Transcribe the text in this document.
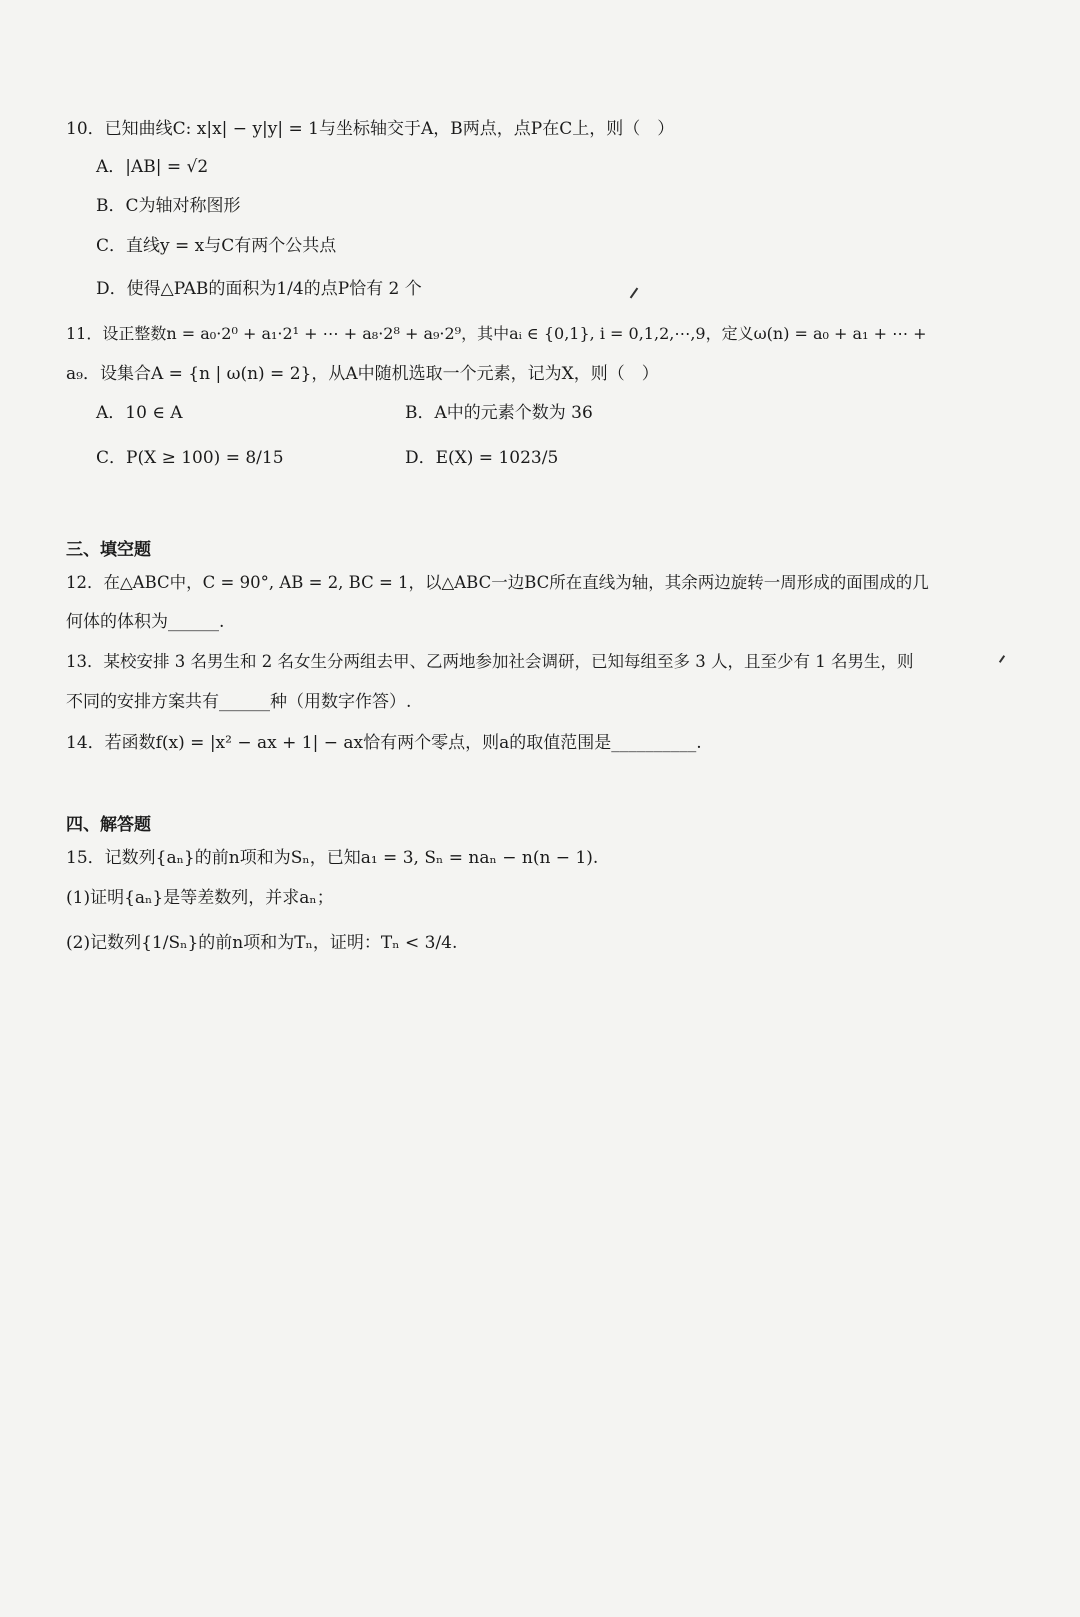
10．已知曲线C: x|x| − y|y| = 1与坐标轴交于A，B两点，点P在C上，则（　）
A．|AB| = √2
B．C为轴对称图形
C．直线y = x与C有两个公共点
D．使得△PAB的面积为1/4的点P恰有 2 个
11．设正整数n = a₀·2⁰ + a₁·2¹ + ⋯ + a₈·2⁸ + a₉·2⁹，其中aᵢ ∈ {0,1}, i = 0,1,2,⋯,9，定义ω(n) = a₀ + a₁ + ⋯ +
a₉．设集合A = {n | ω(n) = 2}，从A中随机选取一个元素，记为X，则（　）
A．10 ∈ A	B．A中的元素个数为 36
C．P(X ≥ 100) = 8/15	D．E(X) = 1023/5
三、填空题
12．在△ABC中，C = 90°, AB = 2, BC = 1，以△ABC一边BC所在直线为轴，其余两边旋转一周形成的面围成的几
何体的体积为______.
13．某校安排 3 名男生和 2 名女生分两组去甲、乙两地参加社会调研，已知每组至多 3 人，且至少有 1 名男生，则
不同的安排方案共有______种（用数字作答）.
14．若函数f(x) = |x² − ax + 1| − ax恰有两个零点，则a的取值范围是__________.
四、解答题
15．记数列{aₙ}的前n项和为Sₙ，已知a₁ = 3, Sₙ = naₙ − n(n − 1).
(1)证明{aₙ}是等差数列，并求aₙ；
(2)记数列{1/Sₙ}的前n项和为Tₙ，证明：Tₙ < 3/4.
